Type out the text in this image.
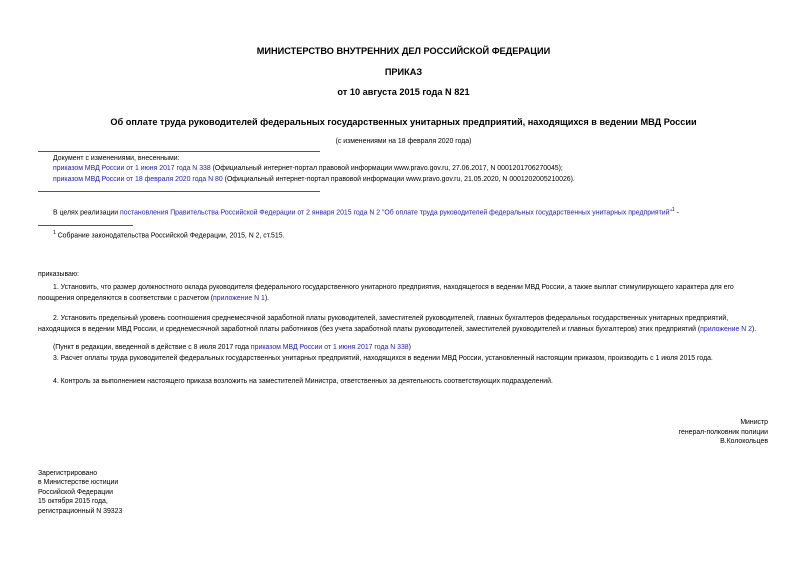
МИНИСТЕРСТВО ВНУТРЕННИХ ДЕЛ РОССИЙСКОЙ ФЕДЕРАЦИИ
ПРИКАЗ
от 10 августа 2015 года N 821
Об оплате труда руководителей федеральных государственных унитарных предприятий, находящихся в ведении МВД России
(с изменениями на 18 февраля 2020 года)
Документ с изменениями, внесенными:
приказом МВД России от 1 июня 2017 года N 338 (Официальный интернет-портал правовой информации www.pravo.gov.ru, 27.06.2017, N 0001201706270045);
приказом МВД России от 18 февраля 2020 года N 80 (Официальный интернет-портал правовой информации www.pravo.gov.ru, 21.05.2020, N 0001202005210026).
В целях реализации постановления Правительства Российской Федерации от 2 января 2015 года N 2 "Об оплате труда руководителей федеральных государственных унитарных предприятий"$^1$ -
$^1$ Собрание законодательства Российской Федерации, 2015, N 2, ст.515.
приказываю:
1. Установить, что размер должностного оклада руководителя федерального государственного унитарного предприятия, находящегося в ведении МВД России, а также выплат стимулирующего характера для его поощрения определяются в соответствии с расчетом (приложение N 1).
2. Установить предельный уровень соотношения среднемесячной заработной платы руководителей, заместителей руководителей, главных бухгалтеров федеральных государственных унитарных предприятий, находящихся в ведении МВД России, и среднемесячной заработной платы работников (без учета заработной платы руководителей, заместителей руководителей и главных бухгалтеров) этих предприятий (приложение N 2).
(Пункт в редакции, введенной в действие с 8 июля 2017 года приказом МВД России от 1 июня 2017 года N 338)
3. Расчет оплаты труда руководителей федеральных государственных унитарных предприятий, находящихся в ведении МВД России, установленный настоящим приказом, производить с 1 июля 2015 года.
4. Контроль за выполнением настоящего приказа возложить на заместителей Министра, ответственных за деятельность соответствующих подразделений.
Министр
генерал-полковник полиции
В.Колокольцев
Зарегистрировано
в Министерстве юстиции
Российской Федерации
15 октября 2015 года,
регистрационный N 39323
